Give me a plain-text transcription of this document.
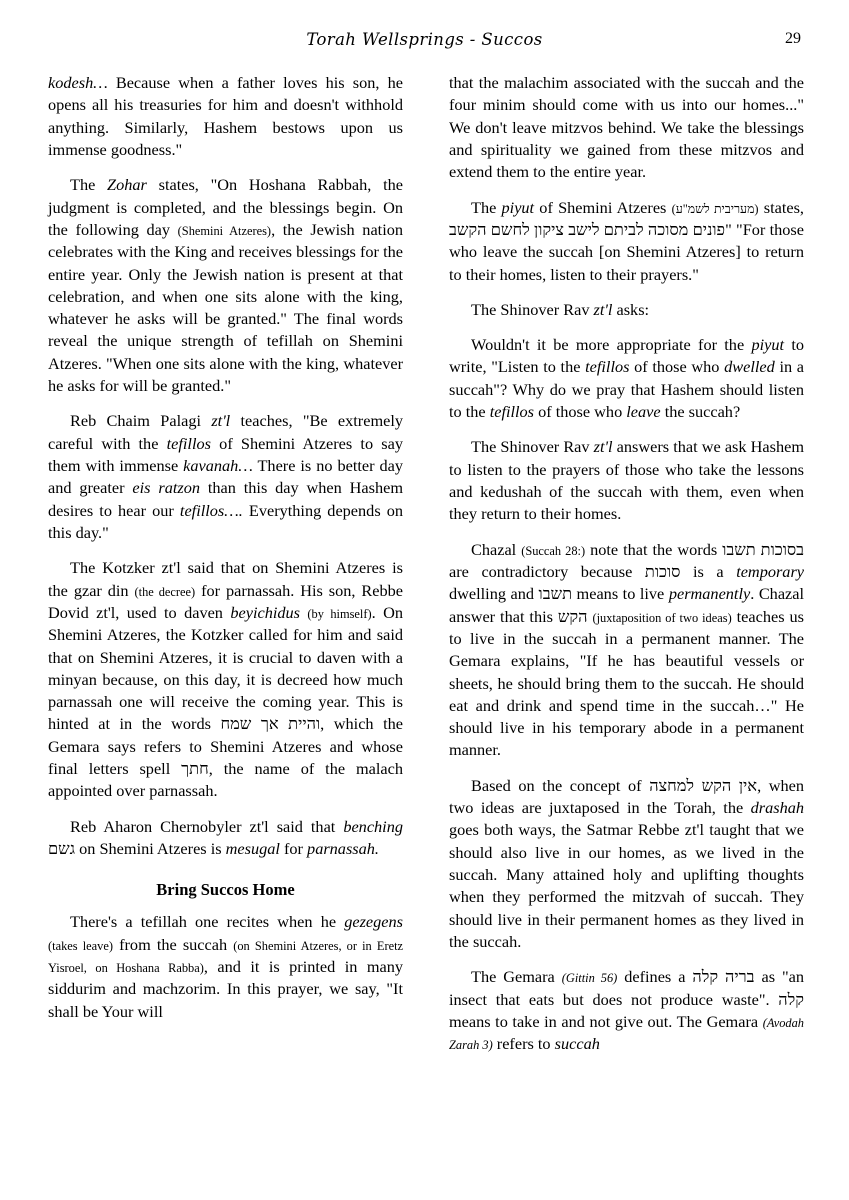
Torah Wellsprings - Succos	29

kodesh… Because when a father loves his son, he opens all his treasuries for him and doesn't withhold anything. Similarly, Hashem bestows upon us immense goodness."

The Zohar states, "On Hoshana Rabbah, the judgment is completed, and the blessings begin. On the following day (Shemini Atzeres), the Jewish nation celebrates with the King and receives blessings for the entire year. Only the Jewish nation is present at that celebration, and when one sits alone with the king, whatever he asks will be granted." The final words reveal the unique strength of tefillah on Shemini Atzeres. "When one sits alone with the king, whatever he asks for will be granted."

Reb Chaim Palagi zt'l teaches, "Be extremely careful with the tefillos of Shemini Atzeres to say them with immense kavanah… There is no better day and greater eis ratzon than this day when Hashem desires to hear our tefillos…. Everything depends on this day."

The Kotzker zt'l said that on Shemini Atzeres is the gzar din (the decree) for parnassah. His son, Rebbe Dovid zt'l, used to daven beyichidus (by himself). On Shemini Atzeres, the Kotzker called for him and said that on Shemini Atzeres, it is crucial to daven with a minyan because, on this day, it is decreed how much parnassah one will receive the coming year. This is hinted at in the words והיית אך שמח, which the Gemara says refers to Shemini Atzeres and whose final letters spell חתך, the name of the malach appointed over parnassah.

Reb Aharon Chernobyler zt'l said that benching גשם on Shemini Atzeres is mesugal for parnassah.

Bring Succos Home

There's a tefillah one recites when he gezegens (takes leave) from the succah (on Shemini Atzeres, or in Eretz Yisroel, on Hoshana Rabba), and it is printed in many siddurim and machzorim. In this prayer, we say, "It shall be Your will

that the malachim associated with the succah and the four minim should come with us into our homes..." We don't leave mitzvos behind. We take the blessings and spirituality we gained from these mitzvos and extend them to the entire year.

The piyut of Shemini Atzeres (מעריבית לשמ"ע) states, "פונים מסוכה לביתם לישב ציקון לחשם הקשב "For those who leave the succah [on Shemini Atzeres] to return to their homes, listen to their prayers."

The Shinover Rav zt'l asks:

Wouldn't it be more appropriate for the piyut to write, "Listen to the tefillos of those who dwelled in a succah"? Why do we pray that Hashem should listen to the tefillos of those who leave the succah?

The Shinover Rav zt'l answers that we ask Hashem to listen to the prayers of those who take the lessons and kedushah of the succah with them, even when they return to their homes.

Chazal (Succah 28:) note that the words בסוכות תשבו are contradictory because סוכות is a temporary dwelling and תשבו means to live permanently. Chazal answer that this הקש (juxtaposition of two ideas) teaches us to live in the succah in a permanent manner. The Gemara explains, "If he has beautiful vessels or sheets, he should bring them to the succah. He should eat and drink and spend time in the succah…" He should live in his temporary abode in a permanent manner.

Based on the concept of אין הקש למחצה, when two ideas are juxtaposed in the Torah, the drashah goes both ways, the Satmar Rebbe zt'l taught that we should also live in our homes, as we lived in the succah. Many attained holy and uplifting thoughts when they performed the mitzvah of succah. They should live in their permanent homes as they lived in the succah.

The Gemara (Gittin 56) defines a בריה קלה as "an insect that eats but does not produce waste". קלה means to take in and not give out. The Gemara (Avodah Zarah 3) refers to succah
